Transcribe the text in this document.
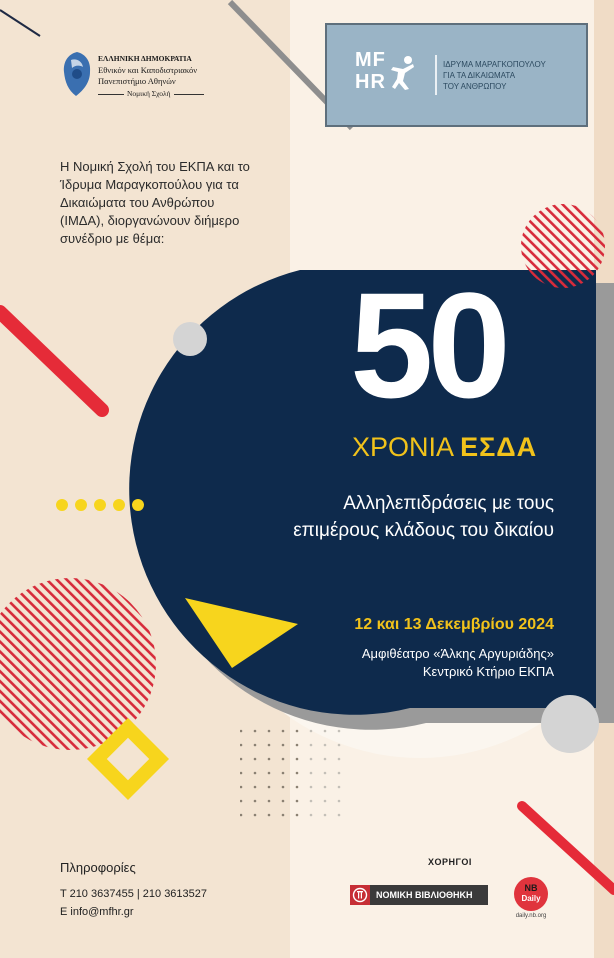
ΕΛΛΗΝΙΚΗ ΔΗΜΟΚΡΑΤΙΑ
Εθνικόν και Καποδιστριακόν
Πανεπιστήμιο Αθηνών
Νομική Σχολή
MF
HR
ΙΔΡΥΜΑ ΜΑΡΑΓΚΟΠΟΥΛΟΥ
ΓΙΑ ΤΑ ΔΙΚΑΙΩΜΑΤΑ
ΤΟΥ ΑΝΘΡΩΠΟΥ
Η Νομική Σχολή του ΕΚΠΑ και το Ίδρυμα Μαραγκοπούλου για τα Δικαιώματα του Ανθρώπου (ΙΜΔΑ), διοργανώνουν διήμερο συνέδριο με θέμα:
50
ΧΡΟΝΙΑ ΕΣΔΑ
Αλληλεπιδράσεις με τους επιμέρους κλάδους του δικαίου
12 και 13 Δεκεμβρίου 2024
Αμφιθέατρο «Άλκης Αργυριάδης»
Κεντρικό Κτήριο ΕΚΠΑ
Πληροφορίες
Τ 210 3637455 | 210 3613527
E info@mfhr.gr
ΧΟΡΗΓΟΙ
ΝΟΜΙΚΗ ΒΙΒΛΙΟΘΗΚΗ
NB
Daily
daily.nb.org
